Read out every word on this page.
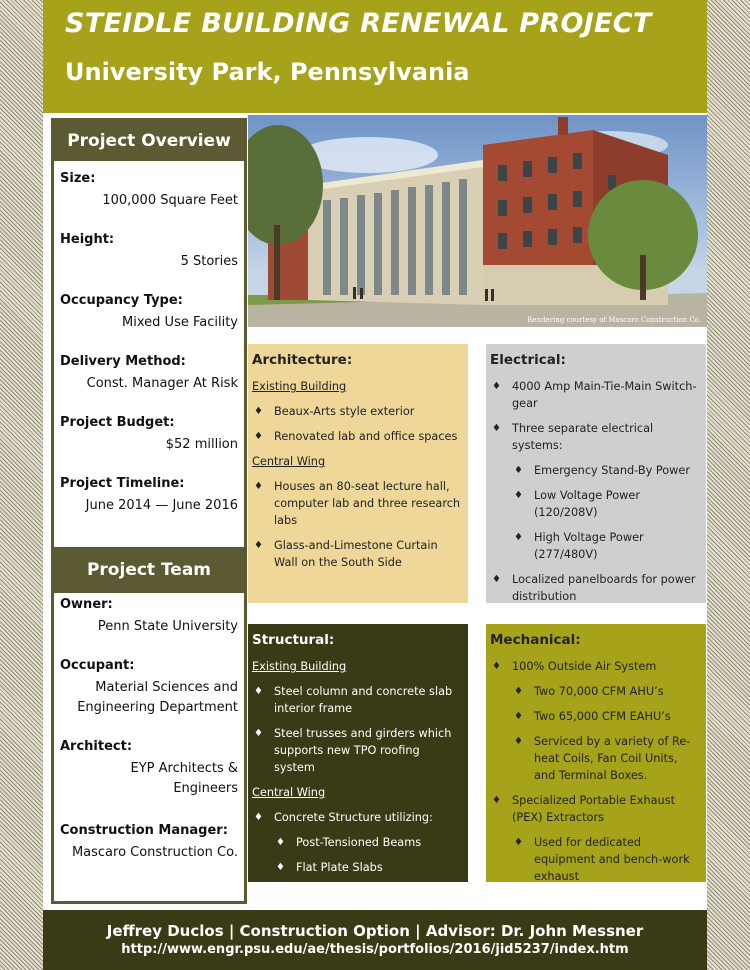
STEIDLE BUILDING RENEWAL PROJECT
University Park, Pennsylvania
Project Overview
Size:
100,000 Square Feet
Height:
5 Stories
Occupancy Type:
Mixed Use Facility
Delivery Method:
Const. Manager At Risk
Project Budget:
$52 million
Project Timeline:
June 2014 — June 2016
Project Team
Owner:
Penn State University
Occupant:
Material Sciences and
Engineering Department
Architect:
EYP Architects &
Engineers
Construction Manager:
Mascaro Construction Co.
Rendering courtesy of Mascaro Construction Co.
Architecture:
Existing Building
♦ Beaux-Arts style exterior
♦ Renovated lab and office spaces
Central Wing
♦ Houses an 80-seat lecture hall, computer lab and three research labs
♦ Glass-and-Limestone Curtain Wall on the South Side
Electrical:
♦ 4000 Amp Main-Tie-Main Switch-gear
♦ Three separate electrical systems:
♦ Emergency Stand-By Power
♦ Low Voltage Power (120/208V)
♦ High Voltage Power (277/480V)
♦ Localized panelboards for power distribution
Structural:
Existing Building
♦ Steel column and concrete slab interior frame
♦ Steel trusses and girders which supports new TPO roofing system
Central Wing
♦ Concrete Structure utilizing:
♦ Post-Tensioned Beams
♦ Flat Plate Slabs
♦ One-way Beam System
Mechanical:
♦ 100% Outside Air System
♦ Two 70,000 CFM AHU’s
♦ Two 65,000 CFM EAHU’s
♦ Serviced by a variety of Re-heat Coils, Fan Coil Units, and Terminal Boxes.
♦ Specialized Portable Exhaust (PEX) Extractors
♦ Used for dedicated equipment and bench-work exhaust
Jeffrey Duclos | Construction Option | Advisor: Dr. John Messner
http://www.engr.psu.edu/ae/thesis/portfolios/2016/jid5237/index.htm
